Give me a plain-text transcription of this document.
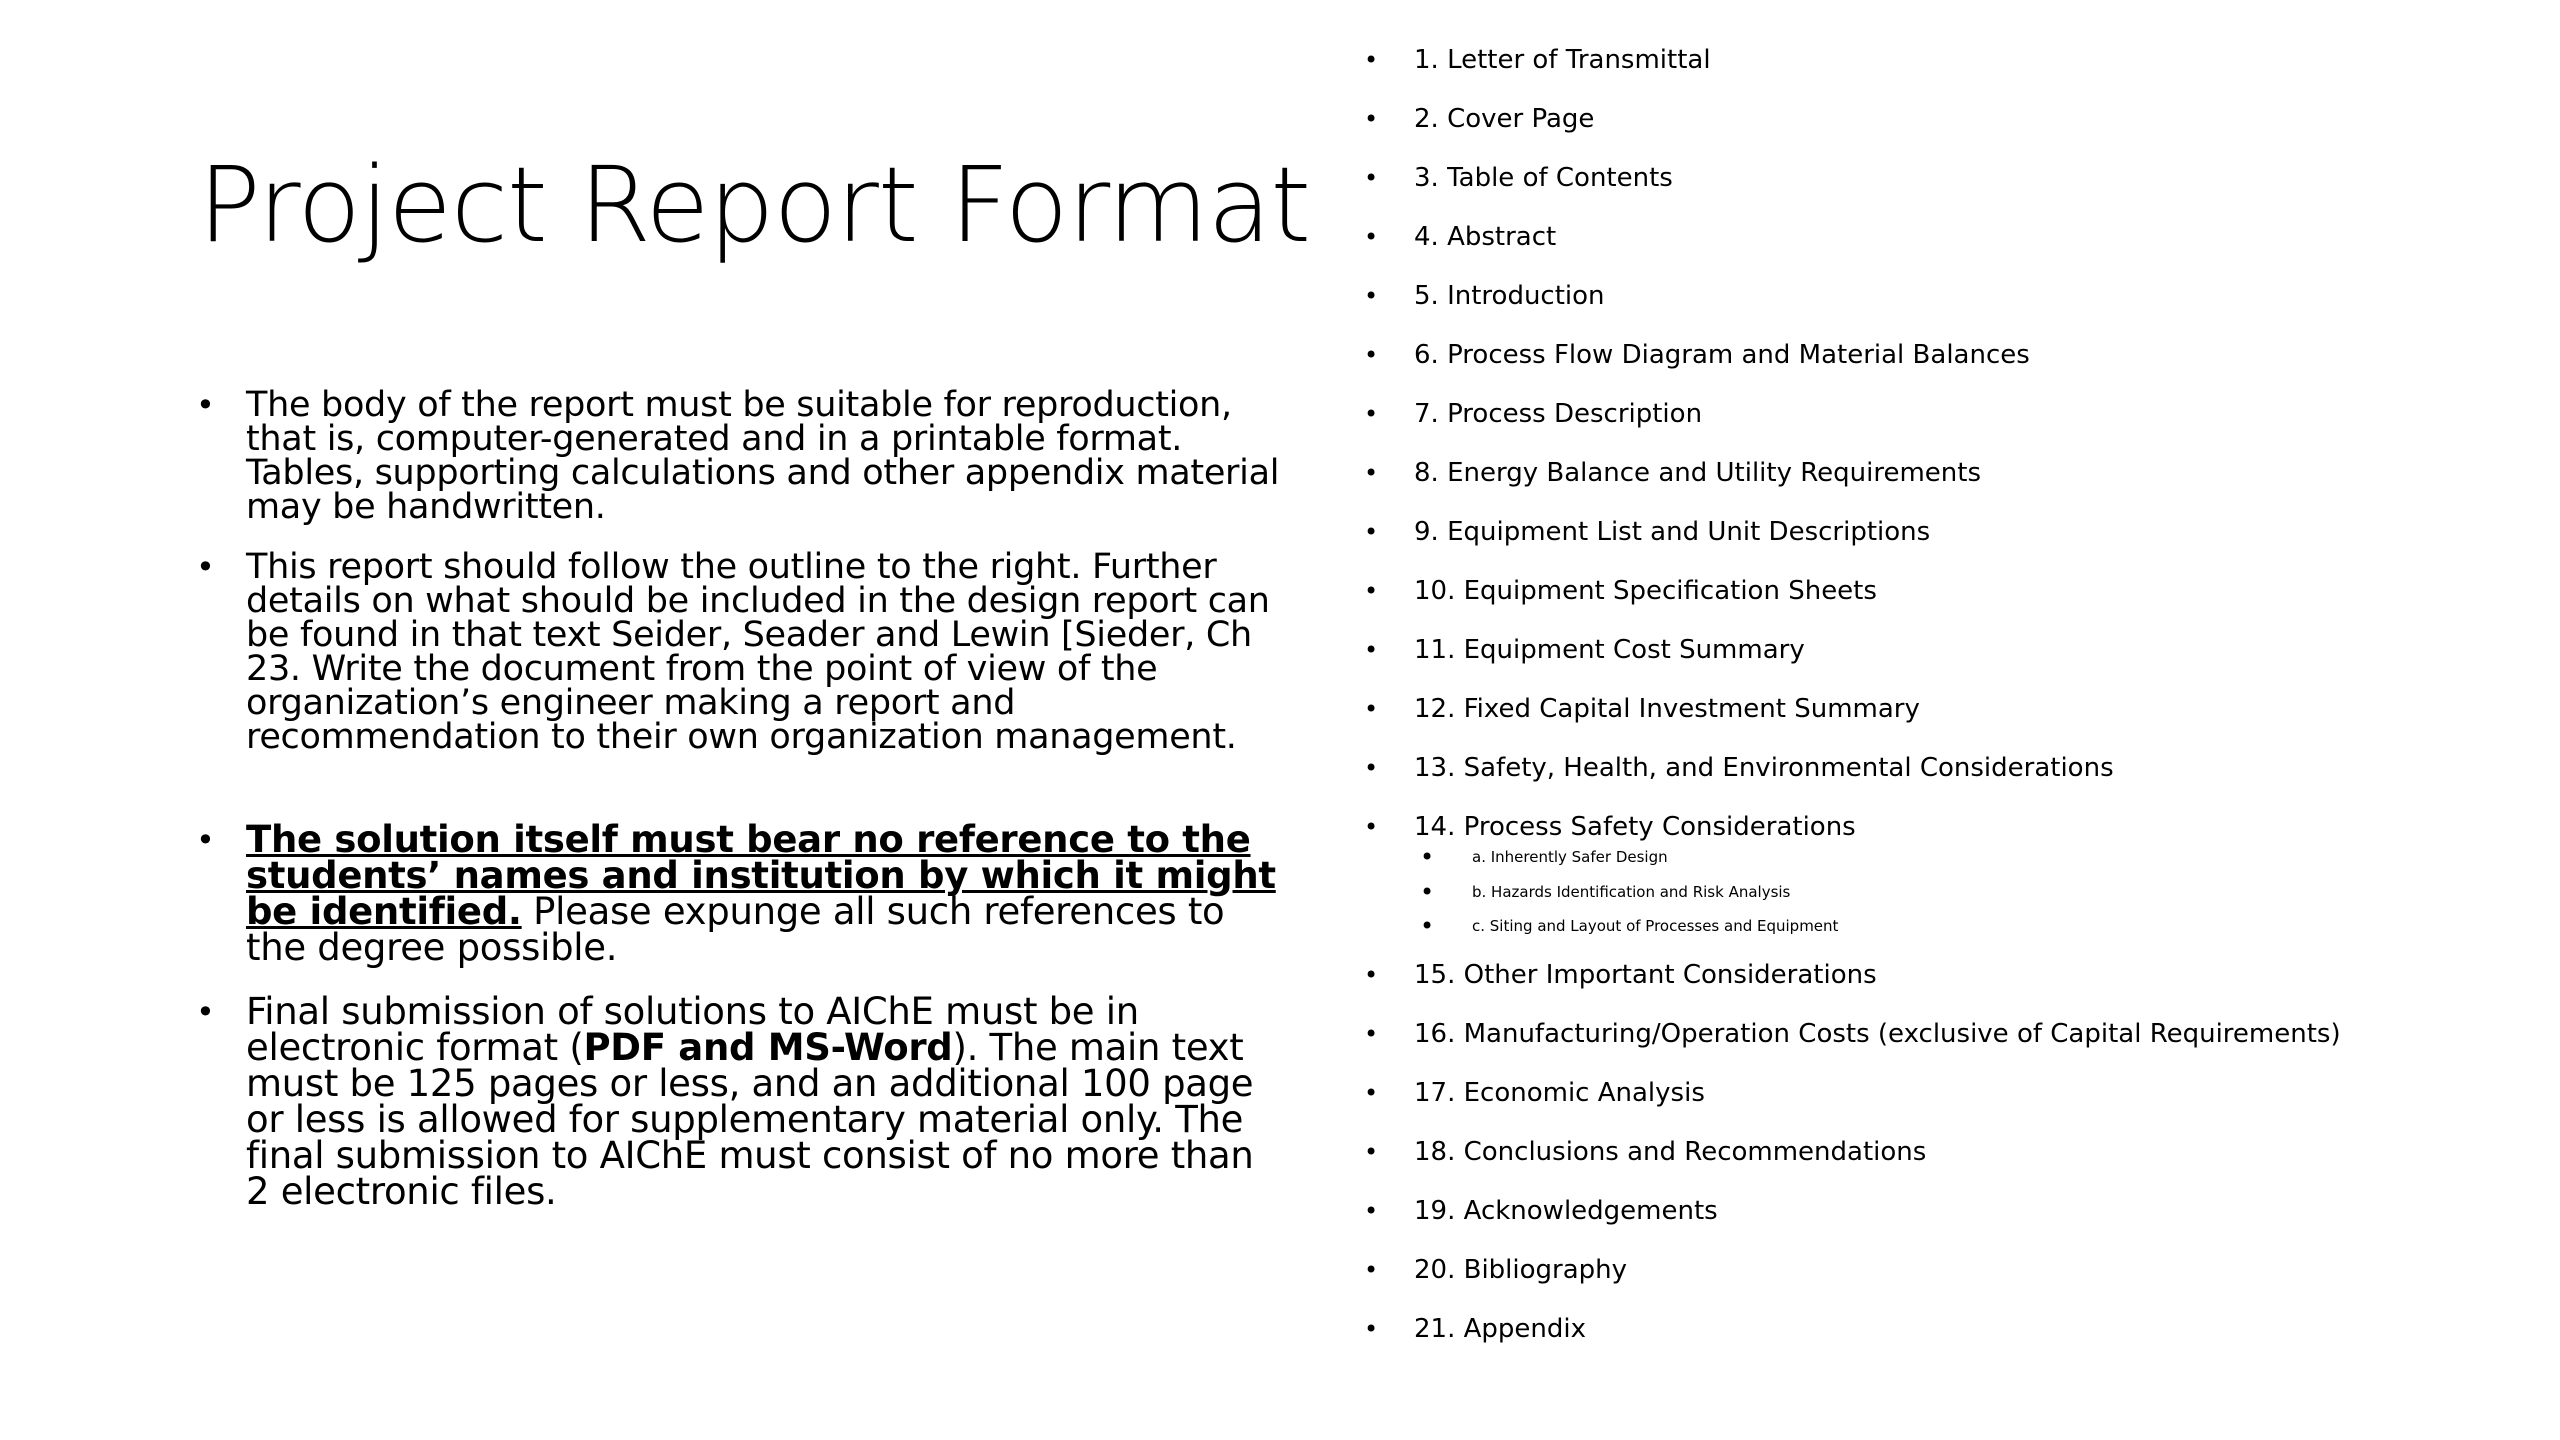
Project Report Format
• The body of the report must be suitable for reproduction, that is, computer-generated and in a printable format. Tables, supporting calculations and other appendix material may be handwritten.
• This report should follow the outline to the right. Further details on what should be included in the design report can be found in that text Seider, Seader and Lewin [Sieder, Ch 23. Write the document from the point of view of the organization’s engineer making a report and recommendation to their own organization management.
• The solution itself must bear no reference to the students’ names and institution by which it might be identified. Please expunge all such references to the degree possible.
• Final submission of solutions to AIChE must be in electronic format (PDF and MS-Word). The main text must be 125 pages or less, and an additional 100 page or less is allowed for supplementary material only. The final submission to AIChE must consist of no more than 2 electronic files.
• 1. Letter of Transmittal
• 2. Cover Page
• 3. Table of Contents
• 4. Abstract
• 5. Introduction
• 6. Process Flow Diagram and Material Balances
• 7. Process Description
• 8. Energy Balance and Utility Requirements
• 9. Equipment List and Unit Descriptions
• 10. Equipment Specification Sheets
• 11. Equipment Cost Summary
• 12. Fixed Capital Investment Summary
• 13. Safety, Health, and Environmental Considerations
• 14. Process Safety Considerations
•	a. Inherently Safer Design
•	b. Hazards Identification and Risk Analysis
•	c. Siting and Layout of Processes and Equipment
• 15. Other Important Considerations
• 16. Manufacturing/Operation Costs (exclusive of Capital Requirements)
• 17. Economic Analysis
• 18. Conclusions and Recommendations
• 19. Acknowledgements
• 20. Bibliography
• 21. Appendix
